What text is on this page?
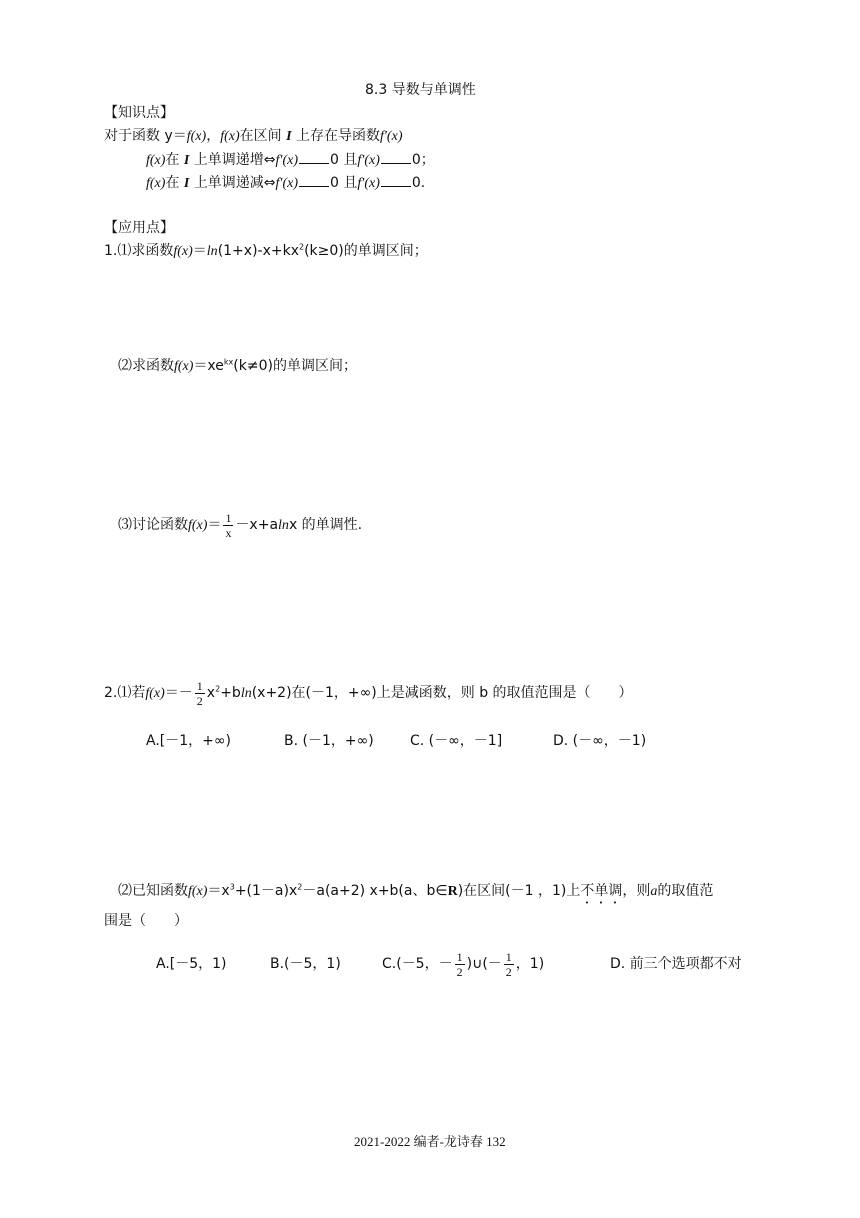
8.3 导数与单调性
【知识点】
对于函数 y＝f(x)，f(x)在区间 I 上存在导函数f′(x)
f(x)在 I 上单调递增⇔f′(x) 0 且f′(x) 0；
f(x)在 I 上单调递减⇔f′(x) 0 且f′(x) 0.
【应用点】
1.⑴求函数$f(x)=\ln(1+x)-x+kx^2(k\ge 0)$的单调区间；
⑵求函数$f(x)=xe^{kx}(k\ne 0)$的单调区间；
⑶讨论函数$f(x)= \frac{1}{x} -x+alnx$ 的单调性.
2.⑴若$f(x)=- \frac{1}{2} x^2+bln(x+2)$在(－1，+∞)上是减函数，则 b 的取值范围是（　　）
A.[－1，+∞)	B. (－1，+∞)	C. (－∞，－1]	D. (－∞，－1)
⑵已知函数$f(x)=x^3+(1-a)x^2-a(a+2)$ x+b(a、b∈R)在区间(－1 ，1)上不单调，则a的取值范
围是（　　）
A.[－5，1)	B.(－5，1)	C.(－5，－ $\frac{1}{2}$ )∪(－ $\frac{1}{2}$ ，1)	D. 前三个选项都不对
2021-2022 编者-龙诗春 132
